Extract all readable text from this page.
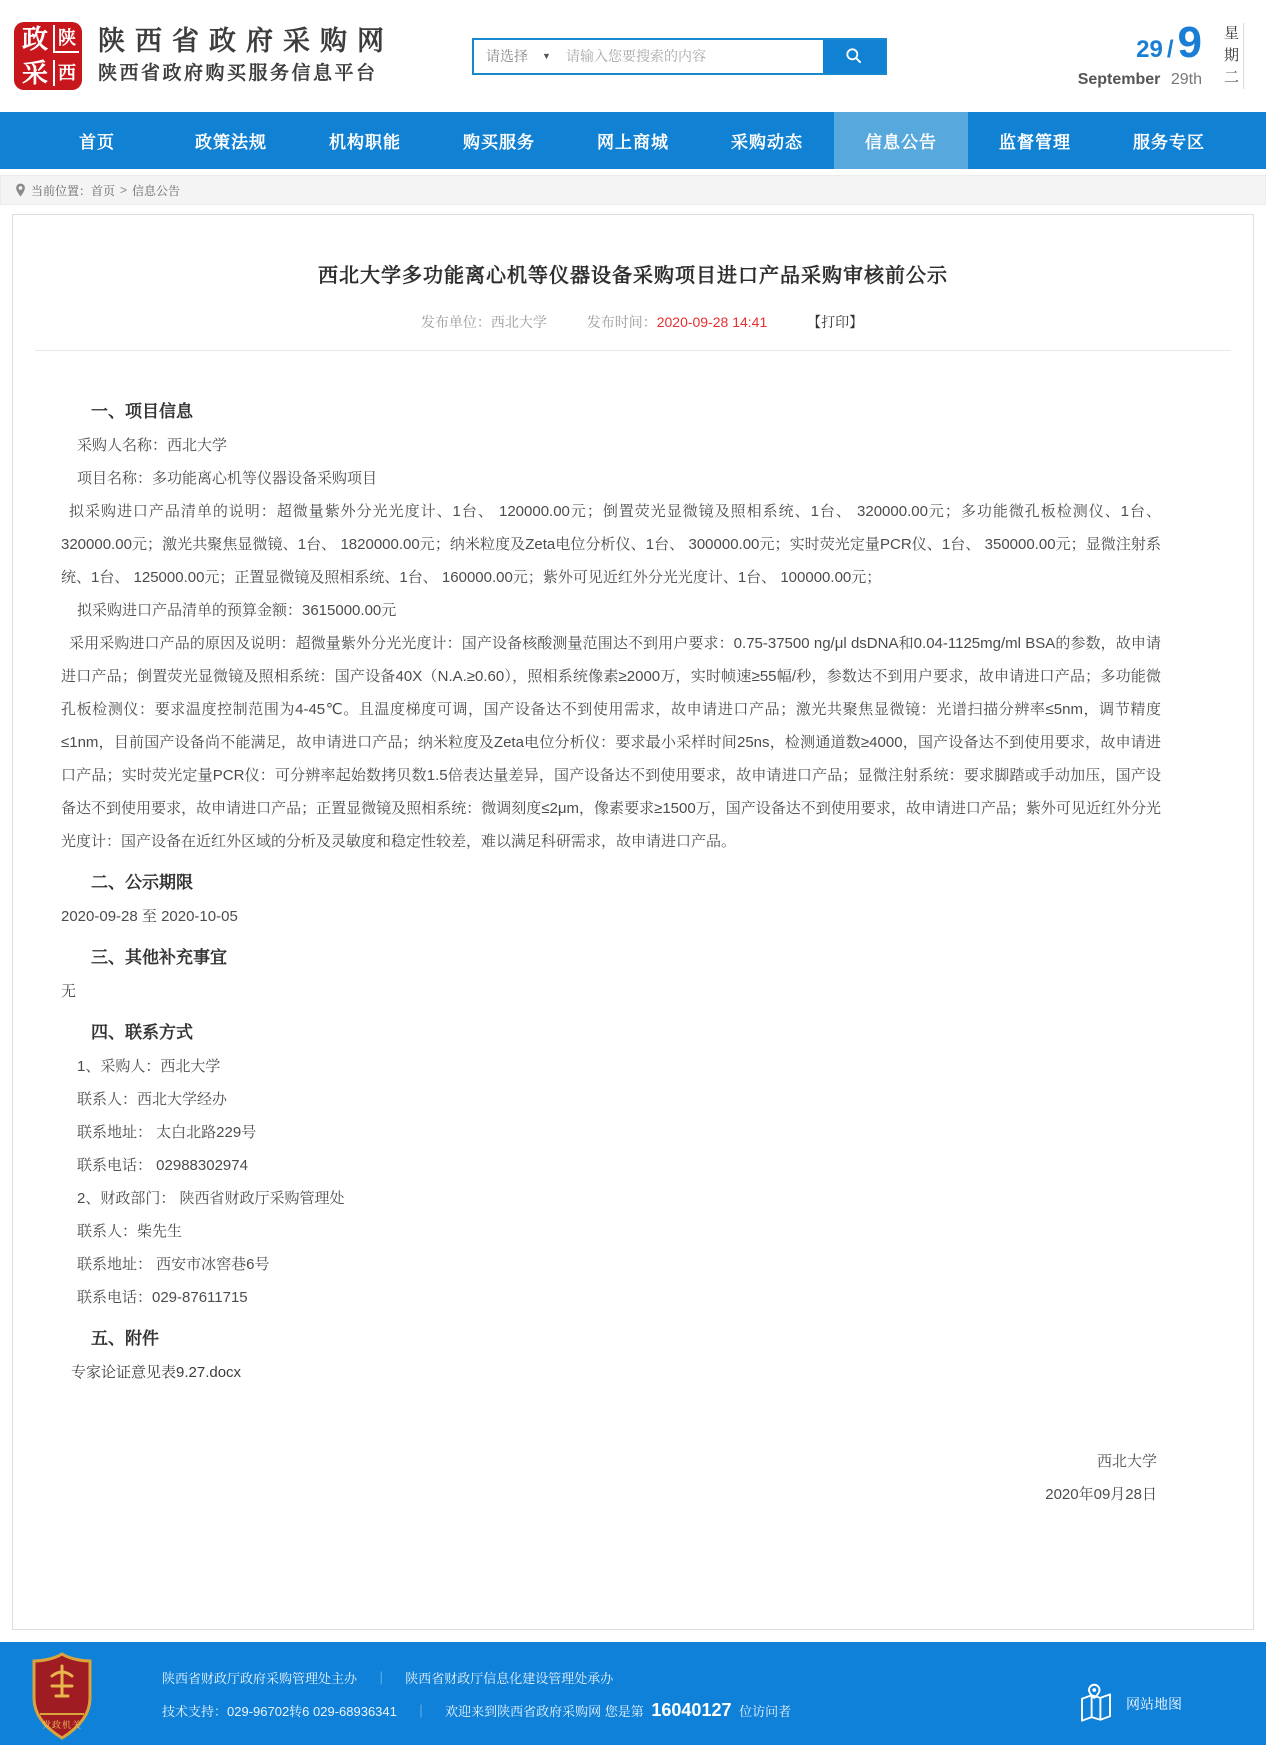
政 陕
采 西
陕西省政府采购网
陕西省政府购买服务信息平台
请选择 ▼
请输入您要搜索的内容	29 /9
September 29th
星期二
首页	政策法规	机构职能	购买服务	网上商城	采购动态	信息公告	监督管理	服务专区
当前位置： 首页 > 信息公告
西北大学多功能离心机等仪器设备采购项目进口产品采购审核前公示
发布单位：西北大学	发布时间：2020-09-28 14:41	【打印】
一、项目信息

采购人名称：西北大学

项目名称：多功能离心机等仪器设备采购项目

拟采购进口产品清单的说明：超微量紫外分光光度计、1台、 120000.00元；倒置荧光显微镜及照相系统、1台、 320000.00元；多功能微孔板检测仪、1台、 320000.00元；激光共聚焦显微镜、1台、 1820000.00元；纳米粒度及Zeta电位分析仪、1台、 300000.00元；实时荧光定量PCR仪、1台、 350000.00元；显微注射系统、1台、 125000.00元；正置显微镜及照相系统、1台、 160000.00元；紫外可见近红外分光光度计、1台、 100000.00元；

拟采购进口产品清单的预算金额：3615000.00元

采用采购进口产品的原因及说明：超微量紫外分光光度计：国产设备核酸测量范围达不到用户要求：0.75-37500 ng/μl dsDNA和0.04-1125mg/ml BSA的参数，故申请进口产品；倒置荧光显微镜及照相系统：国产设备40X（N.A.≥0.60），照相系统像素≥2000万，实时帧速≥55幅/秒，参数达不到用户要求，故申请进口产品；多功能微孔板检测仪：要求温度控制范围为4-45℃。且温度梯度可调，国产设备达不到使用需求，故申请进口产品；激光共聚焦显微镜：光谱扫描分辨率≤5nm，调节精度≤1nm，目前国产设备尚不能满足，故申请进口产品；纳米粒度及Zeta电位分析仪：要求最小采样时间25ns，检测通道数≥4000，国产设备达不到使用要求，故申请进口产品；实时荧光定量PCR仪：可分辨率起始数拷贝数1.5倍表达量差异，国产设备达不到使用要求，故申请进口产品；显微注射系统：要求脚踏或手动加压，国产设备达不到使用要求，故申请进口产品；正置显微镜及照相系统：微调刻度≤2μm，像素要求≥1500万，国产设备达不到使用要求，故申请进口产品；紫外可见近红外分光光度计：国产设备在近红外区域的分析及灵敏度和稳定性较差，难以满足科研需求，故申请进口产品。

二、公示期限

2020-09-28 至 2020-10-05

三、其他补充事宜

无

四、联系方式

1、采购人：西北大学

联系人：西北大学经办

联系地址： 太白北路229号

联系电话： 02988302974

2、财政部门： 陕西省财政厅采购管理处

联系人：柴先生

联系地址： 西安市冰窖巷6号

联系电话：029-87611715

五、附件

专家论证意见表9.27.docx

西北大学
2020年09月28日
党政机关
陕西省财政厅政府采购管理处主办 ｜ 陕西省财政厅信息化建设管理处承办
技术支持：029-96702转6 029-68936341 ｜ 欢迎来到陕西省政府采购网 您是第 16040127 位访问者	网站地图
